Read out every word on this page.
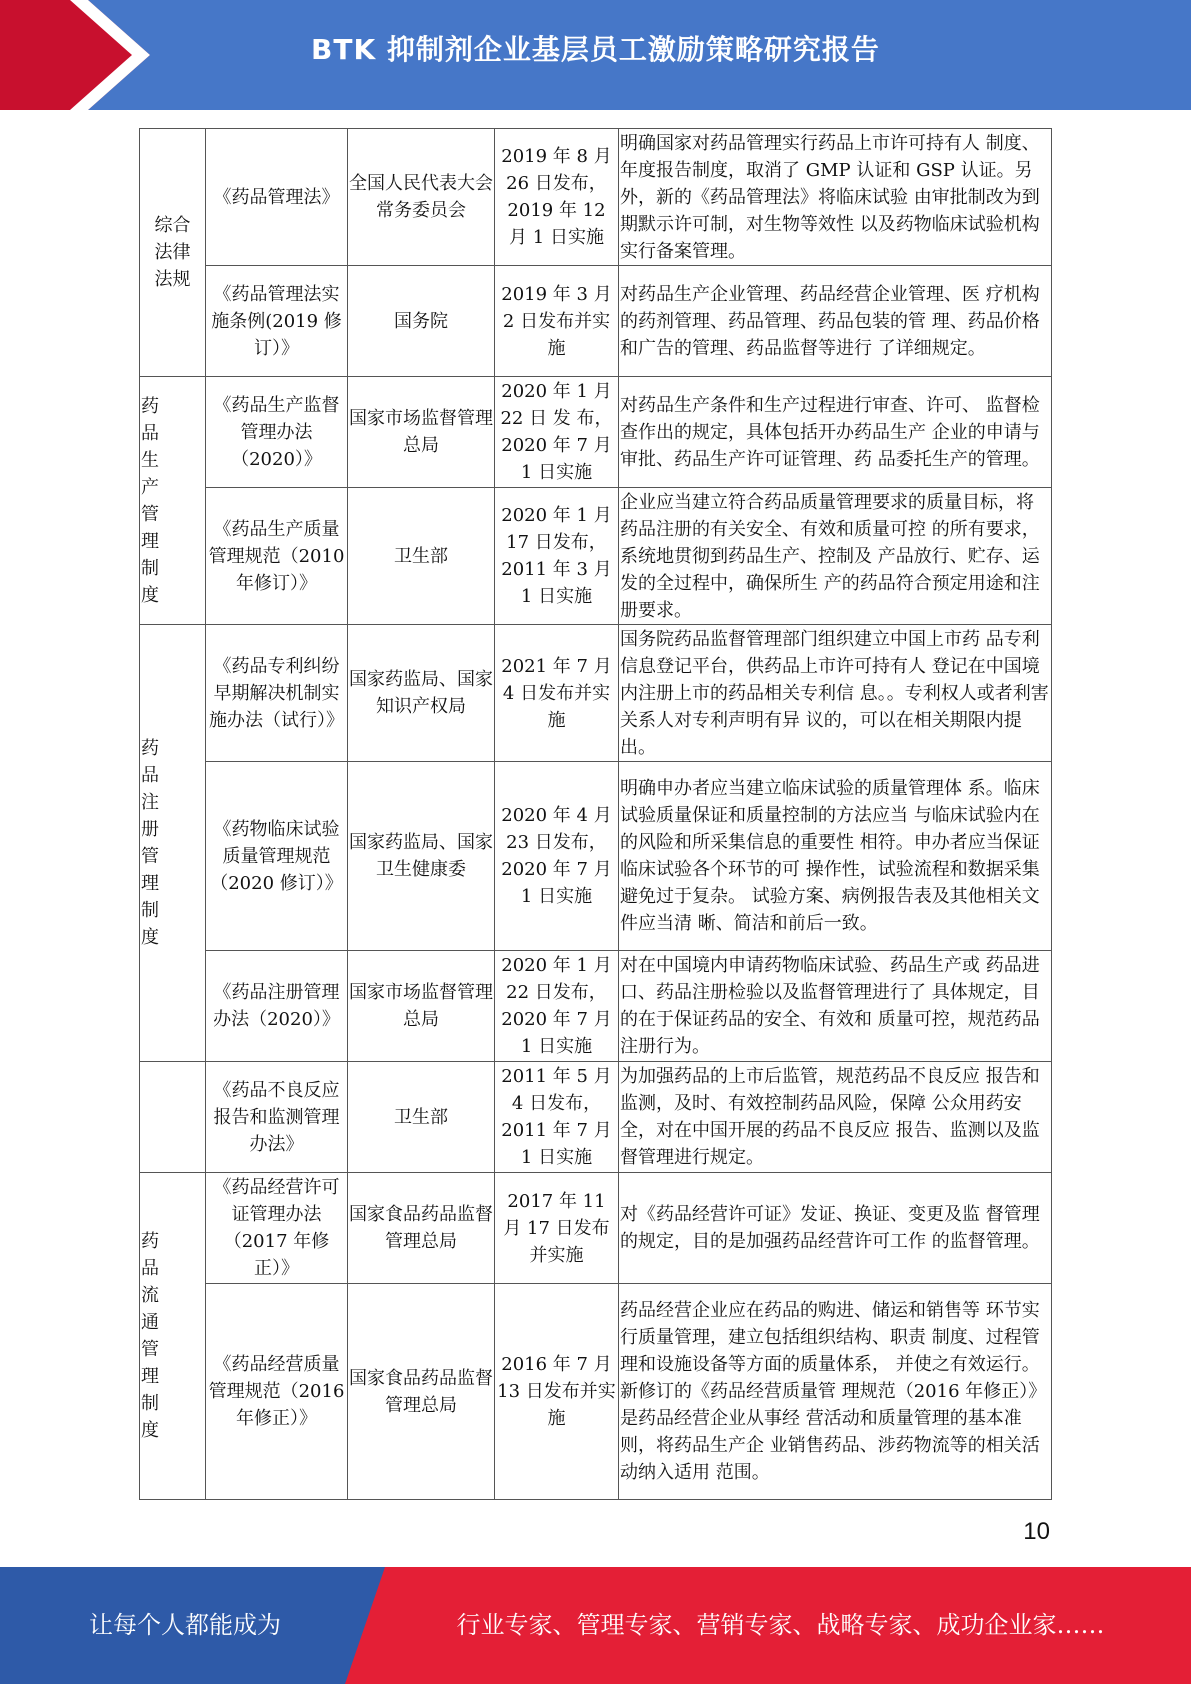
BTK 抑制剂企业基层员工激励策略研究报告
综合法律法规	《药品管理法》	全国人民代表大会常务委员会	2019 年 8 月 26 日发布，2019 年 12 月 1 日实施	明确国家对药品管理实行药品上市许可持有人 制度、年度报告制度，取消了 GMP 认证和 GSP 认证。另外，新的《药品管理法》将临床试验 由审批制改为到期默示许可制，对生物等效性 以及药物临床试验机构实行备案管理。
	《药品管理法实施条例(2019 修订）》	国务院	2019 年 3 月 2 日发布并实施	对药品生产企业管理、药品经营企业管理、医 疗机构的药剂管理、药品管理、药品包装的管 理、药品价格和广告的管理、药品监督等进行 了详细规定。

药品生产管理制度	《药品生产监督管理办法（2020）》	国家市场监督管理总局	2020 年 1 月 22 日 发 布，2020 年 7 月 1 日实施	对药品生产条件和生产过程进行审查、许可、 监督检查作出的规定，具体包括开办药品生产 企业的申请与审批、药品生产许可证管理、药 品委托生产的管理。
	《药品生产质量管理规范（2010 年修订）》	卫生部	2020 年 1 月 17 日发布，2011 年 3 月 1 日实施	企业应当建立符合药品质量管理要求的质量目标，将药品注册的有关安全、有效和质量可控 的所有要求，系统地贯彻到药品生产、控制及 产品放行、贮存、运发的全过程中，确保所生 产的药品符合预定用途和注册要求。

药品注册管理制度	《药品专利纠纷早期解决机制实施办法（试行）》	国家药监局、国家知识产权局	2021 年 7 月 4 日发布并实施	国务院药品监督管理部门组织建立中国上市药 品专利信息登记平台，供药品上市许可持有人 登记在中国境内注册上市的药品相关专利信 息。。专利权人或者利害关系人对专利声明有异 议的，可以在相关期限内提出。
	《药物临床试验质量管理规范（2020 修订）》	国家药监局、国家卫生健康委	2020 年 4 月 23 日发布，2020 年 7 月 1 日实施	明确申办者应当建立临床试验的质量管理体 系。临床试验质量保证和质量控制的方法应当 与临床试验内在的风险和所采集信息的重要性 相符。申办者应当保证临床试验各个环节的可 操作性，试验流程和数据采集避免过于复杂。 试验方案、病例报告表及其他相关文件应当清 晰、简洁和前后一致。
	《药品注册管理办法（2020）》	国家市场监督管理总局	2020 年 1 月 22 日发布，2020 年 7 月 1 日实施	对在中国境内申请药物临床试验、药品生产或 药品进口、药品注册检验以及监督管理进行了 具体规定，目的在于保证药品的安全、有效和 质量可控，规范药品注册行为。
	《药品不良反应报告和监测管理办法》	卫生部	2011 年 5 月 4 日发布，2011 年 7 月 1 日实施	为加强药品的上市后监管，规范药品不良反应 报告和监测，及时、有效控制药品风险，保障 公众用药安全，对在中国开展的药品不良反应 报告、监测以及监督管理进行规定。

药品流通管理制度	《药品经营许可证管理办法（2017 年修正）》	国家食品药品监督管理总局	2017 年 11 月 17 日发布并实施	对《药品经营许可证》发证、换证、变更及监 督管理的规定，目的是加强药品经营许可工作 的监督管理。
	《药品经营质量管理规范（2016 年修正）》	国家食品药品监督管理总局	2016 年 7 月 13 日发布并实施	药品经营企业应在药品的购进、储运和销售等 环节实行质量管理，建立包括组织结构、职责 制度、过程管理和设施设备等方面的质量体系， 并使之有效运行。新修订的《药品经营质量管 理规范（2016 年修正）》是药品经营企业从事经 营活动和质量管理的基本准则，将药品生产企 业销售药品、涉药物流等的相关活动纳入适用 范围。
10
让每个人都能成为	行业专家、管理专家、营销专家、战略专家、成功企业家……
